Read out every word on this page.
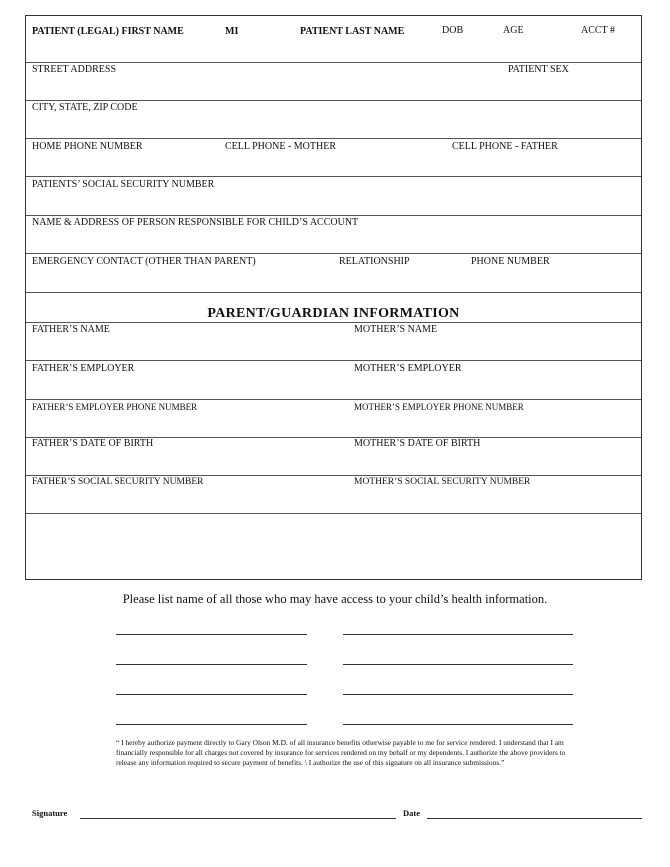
PATIENT (LEGAL) FIRST NAME	MI	PATIENT LAST NAME	DOB	AGE	ACCT #
STREET ADDRESS	PATIENT SEX
CITY, STATE, ZIP CODE
HOME PHONE NUMBER	CELL PHONE - MOTHER	CELL PHONE - FATHER
PATIENTS’ SOCIAL SECURITY NUMBER
NAME & ADDRESS OF PERSON RESPONSIBLE FOR CHILD’S ACCOUNT
EMERGENCY CONTACT (OTHER THAN PARENT)	RELATIONSHIP	PHONE NUMBER
PARENT/GUARDIAN INFORMATION
FATHER’S NAME	MOTHER’S NAME
FATHER’S EMPLOYER	MOTHER’S EMPLOYER
FATHER’S EMPLOYER PHONE NUMBER	MOTHER’S EMPLOYER PHONE NUMBER
FATHER’S DATE OF BIRTH	MOTHER’S DATE OF BIRTH
FATHER’S SOCIAL SECURITY NUMBER	MOTHER’S SOCIAL SECURITY NUMBER
Please list name of all those who may have access to your child’s health information.
“ I hereby authorize payment directly to Gary Olson M.D. of all insurance benefits otherwise payable to me for service rendered. I understand that I am financially responsible for all charges not covered by insurance for services rendered on my behalf or my dependents. I authorize the above providers to release any information required to secure payment of benefits. \ I authorize the use of this signature on all insurance submissions.”
Signature	Date
